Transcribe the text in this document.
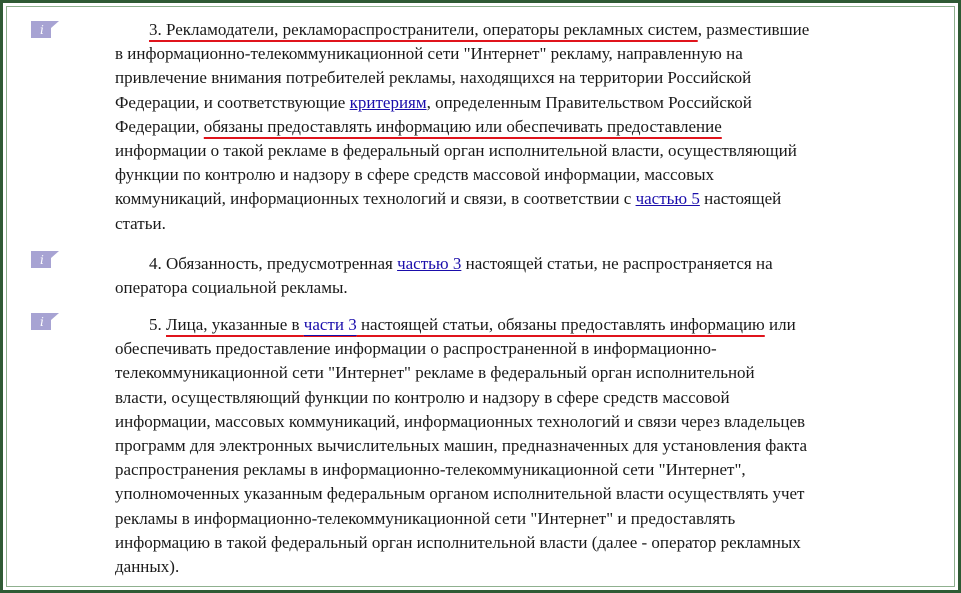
i	3. Рекламодатели, рекламораспространители, операторы рекламных систем, разместившие
в информационно-телекоммуникационной сети "Интернет" рекламу, направленную на
привлечение внимания потребителей рекламы, находящихся на территории Российской
Федерации, и соответствующие критериям, определенным Правительством Российской
Федерации, обязаны предоставлять информацию или обеспечивать предоставление
информации о такой рекламе в федеральный орган исполнительной власти, осуществляющий
функции по контролю и надзору в сфере средств массовой информации, массовых
коммуникаций, информационных технологий и связи, в соответствии с частью 5 настоящей
статьи.
i	4. Обязанность, предусмотренная частью 3 настоящей статьи, не распространяется на
оператора социальной рекламы.
i	5. Лица, указанные в части 3 настоящей статьи, обязаны предоставлять информацию или
обеспечивать предоставление информации о распространенной в информационно-
телекоммуникационной сети "Интернет" рекламе в федеральный орган исполнительной
власти, осуществляющий функции по контролю и надзору в сфере средств массовой
информации, массовых коммуникаций, информационных технологий и связи через владельцев
программ для электронных вычислительных машин, предназначенных для установления факта
распространения рекламы в информационно-телекоммуникационной сети "Интернет",
уполномоченных указанным федеральным органом исполнительной власти осуществлять учет
рекламы в информационно-телекоммуникационной сети "Интернет" и предоставлять
информацию в такой федеральный орган исполнительной власти (далее - оператор рекламных
данных).
